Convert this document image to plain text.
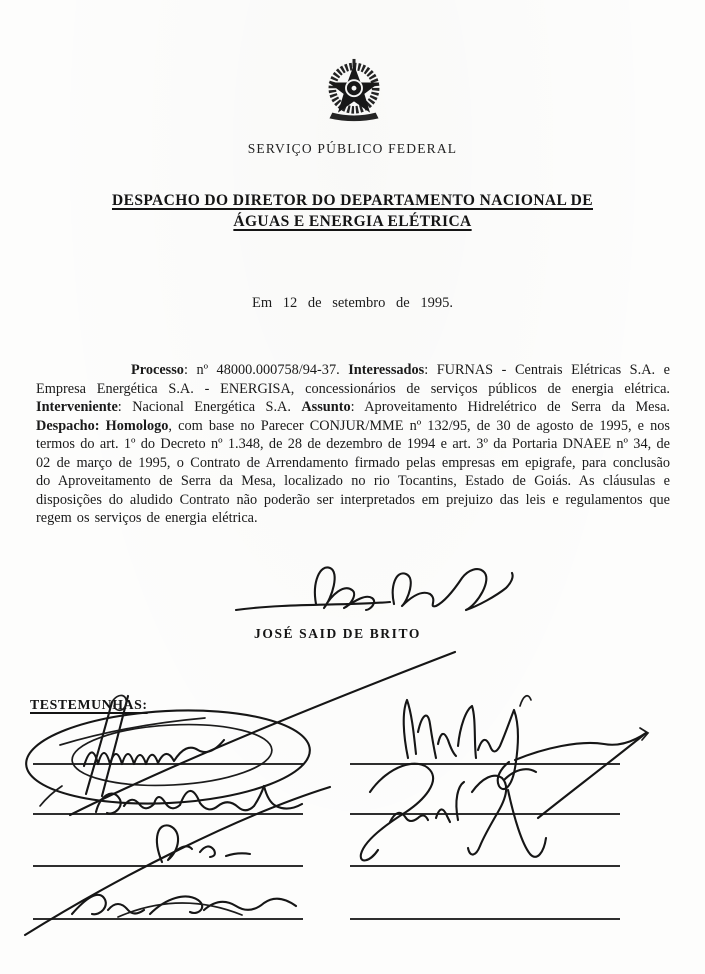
SERVIÇO PÚBLICO FEDERAL
DESPACHO DO DIRETOR DO DEPARTAMENTO NACIONAL DE
ÁGUAS E ENERGIA ELÉTRICA
Em 12 de setembro de 1995.

Processo: nº 48000.000758/94-37. Interessados: FURNAS - Centrais Elétricas S.A. e Empresa Energética S.A. - ENERGISA, concessionários de serviços públicos de energia elétrica. Interveniente: Nacional Energética S.A. Assunto: Aproveitamento Hidrelétrico de Serra da Mesa. Despacho: Homologo, com base no Parecer CONJUR/MME nº 132/95, de 30 de agosto de 1995, e nos termos do art. 1º do Decreto nº 1.348, de 28 de dezembro de 1994 e art. 3º da Portaria DNAEE nº 34, de 02 de março de 1995, o Contrato de Arrendamento firmado pelas empresas em epigrafe, para conclusão do Aproveitamento de Serra da Mesa, localizado no rio Tocantins, Estado de Goiás. As cláusulas e disposições do aludido Contrato não poderão ser interpretados em prejuizo das leis e regulamentos que regem os serviços de energia elétrica.

JOSÉ SAID DE BRITO
TESTEMUNHAS:
